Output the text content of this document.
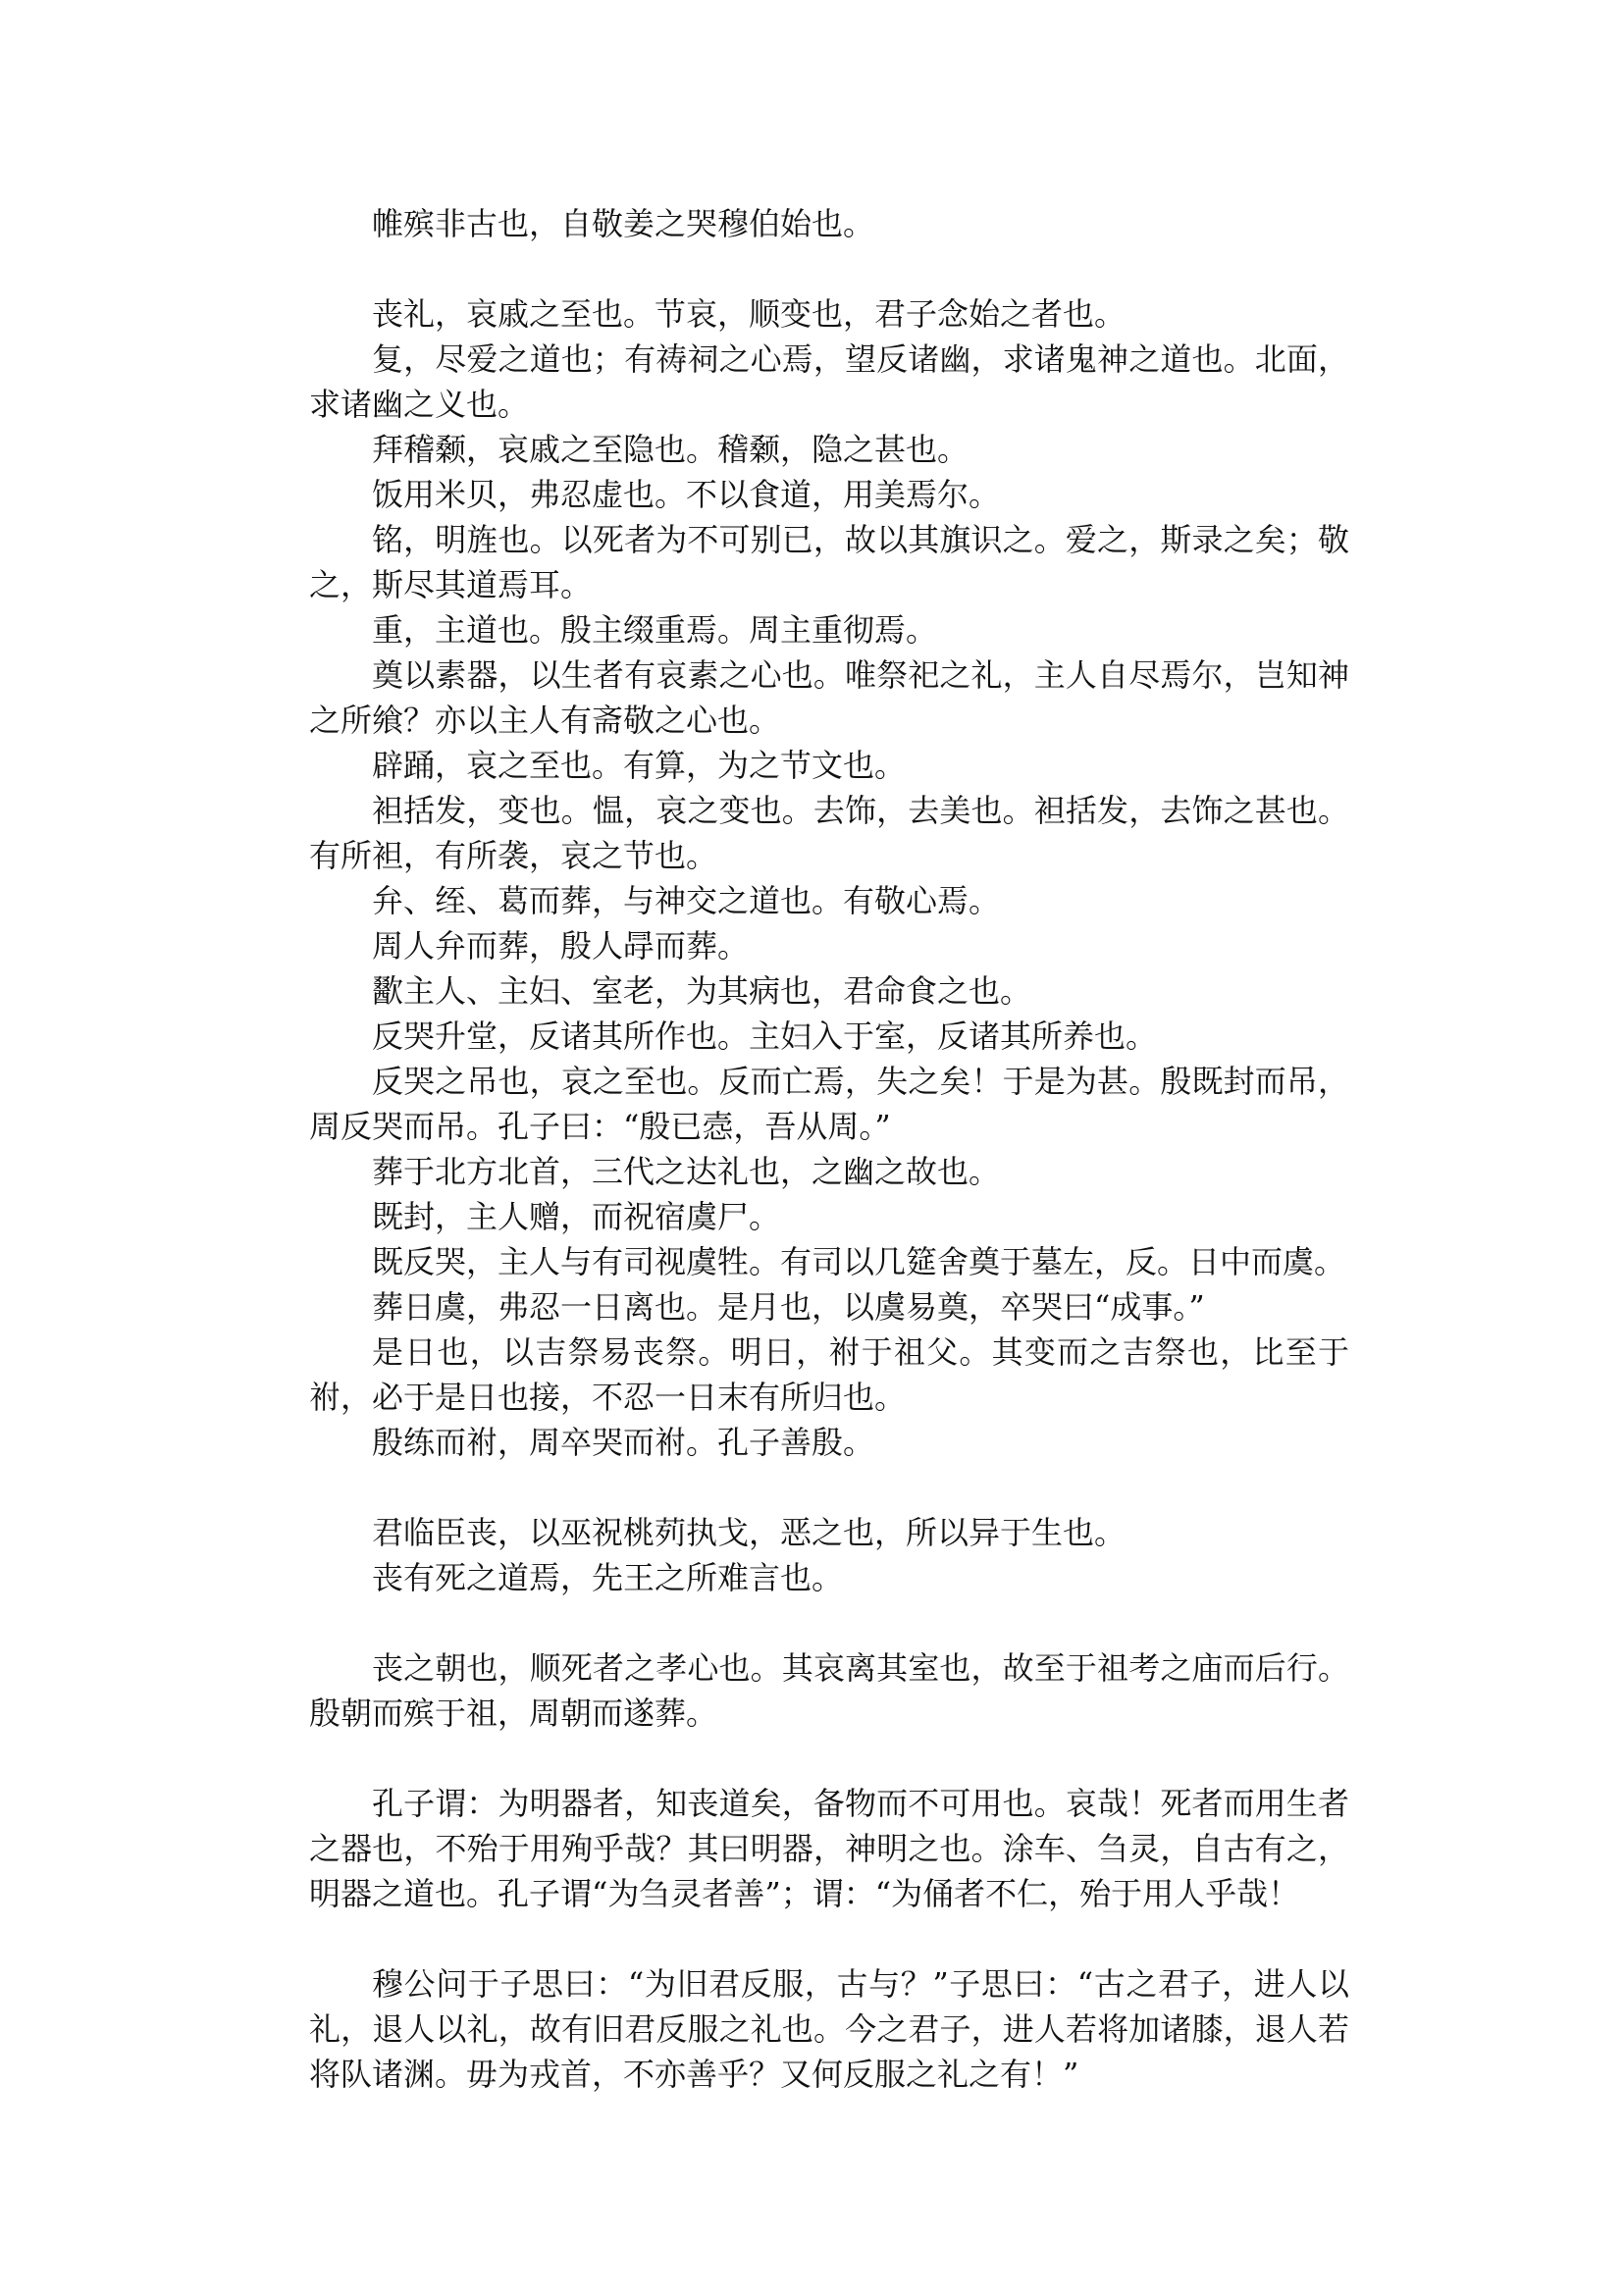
帷殡非古也，自敬姜之哭穆伯始也。

丧礼，哀戚之至也。节哀，顺变也，君子念始之者也。

复，尽爱之道也；有祷祠之心焉，望反诸幽，求诸鬼神之道也。北面，求诸幽之义也。

拜稽颡，哀戚之至隐也。稽颡，隐之甚也。

饭用米贝，弗忍虚也。不以食道，用美焉尔。

铭，明旌也。以死者为不可别已，故以其旗识之。爱之，斯录之矣；敬之，斯尽其道焉耳。

重，主道也。殷主缀重焉。周主重彻焉。

奠以素器，以生者有哀素之心也。唯祭祀之礼，主人自尽焉尔，岂知神之所飨？亦以主人有斋敬之心也。

辟踊，哀之至也。有算，为之节文也。

袒括发，变也。愠，哀之变也。去饰，去美也。袒括发，去饰之甚也。有所袒，有所袭，哀之节也。

弁、绖、葛而葬，与神交之道也。有敬心焉。

周人弁而葬，殷人冔而葬。

歠主人、主妇、室老，为其病也，君命食之也。

反哭升堂，反诸其所作也。主妇入于室，反诸其所养也。

反哭之吊也，哀之至也。反而亡焉，失之矣！于是为甚。殷既封而吊，周反哭而吊。孔子曰：“殷已悫，吾从周。”

葬于北方北首，三代之达礼也，之幽之故也。

既封，主人赠，而祝宿虞尸。

既反哭，主人与有司视虞牲。有司以几筵舍奠于墓左，反。日中而虞。

葬日虞，弗忍一日离也。是月也，以虞易奠，卒哭曰“成事。”

是日也，以吉祭易丧祭。明日，祔于祖父。其变而之吉祭也，比至于祔，必于是日也接，不忍一日末有所归也。

殷练而祔，周卒哭而祔。孔子善殷。

君临臣丧，以巫祝桃茢执戈，恶之也，所以异于生也。

丧有死之道焉，先王之所难言也。

丧之朝也，顺死者之孝心也。其哀离其室也，故至于祖考之庙而后行。殷朝而殡于祖，周朝而遂葬。

孔子谓：为明器者，知丧道矣，备物而不可用也。哀哉！死者而用生者之器也，不殆于用殉乎哉？其曰明器，神明之也。涂车、刍灵，自古有之，明器之道也。孔子谓“为刍灵者善”；谓：“为俑者不仁，殆于用人乎哉！

穆公问于子思曰：“为旧君反服，古与？”子思曰：“古之君子，进人以礼，退人以礼，故有旧君反服之礼也。今之君子，进人若将加诸膝，退人若将队诸渊。毋为戎首，不亦善乎？又何反服之礼之有！”
